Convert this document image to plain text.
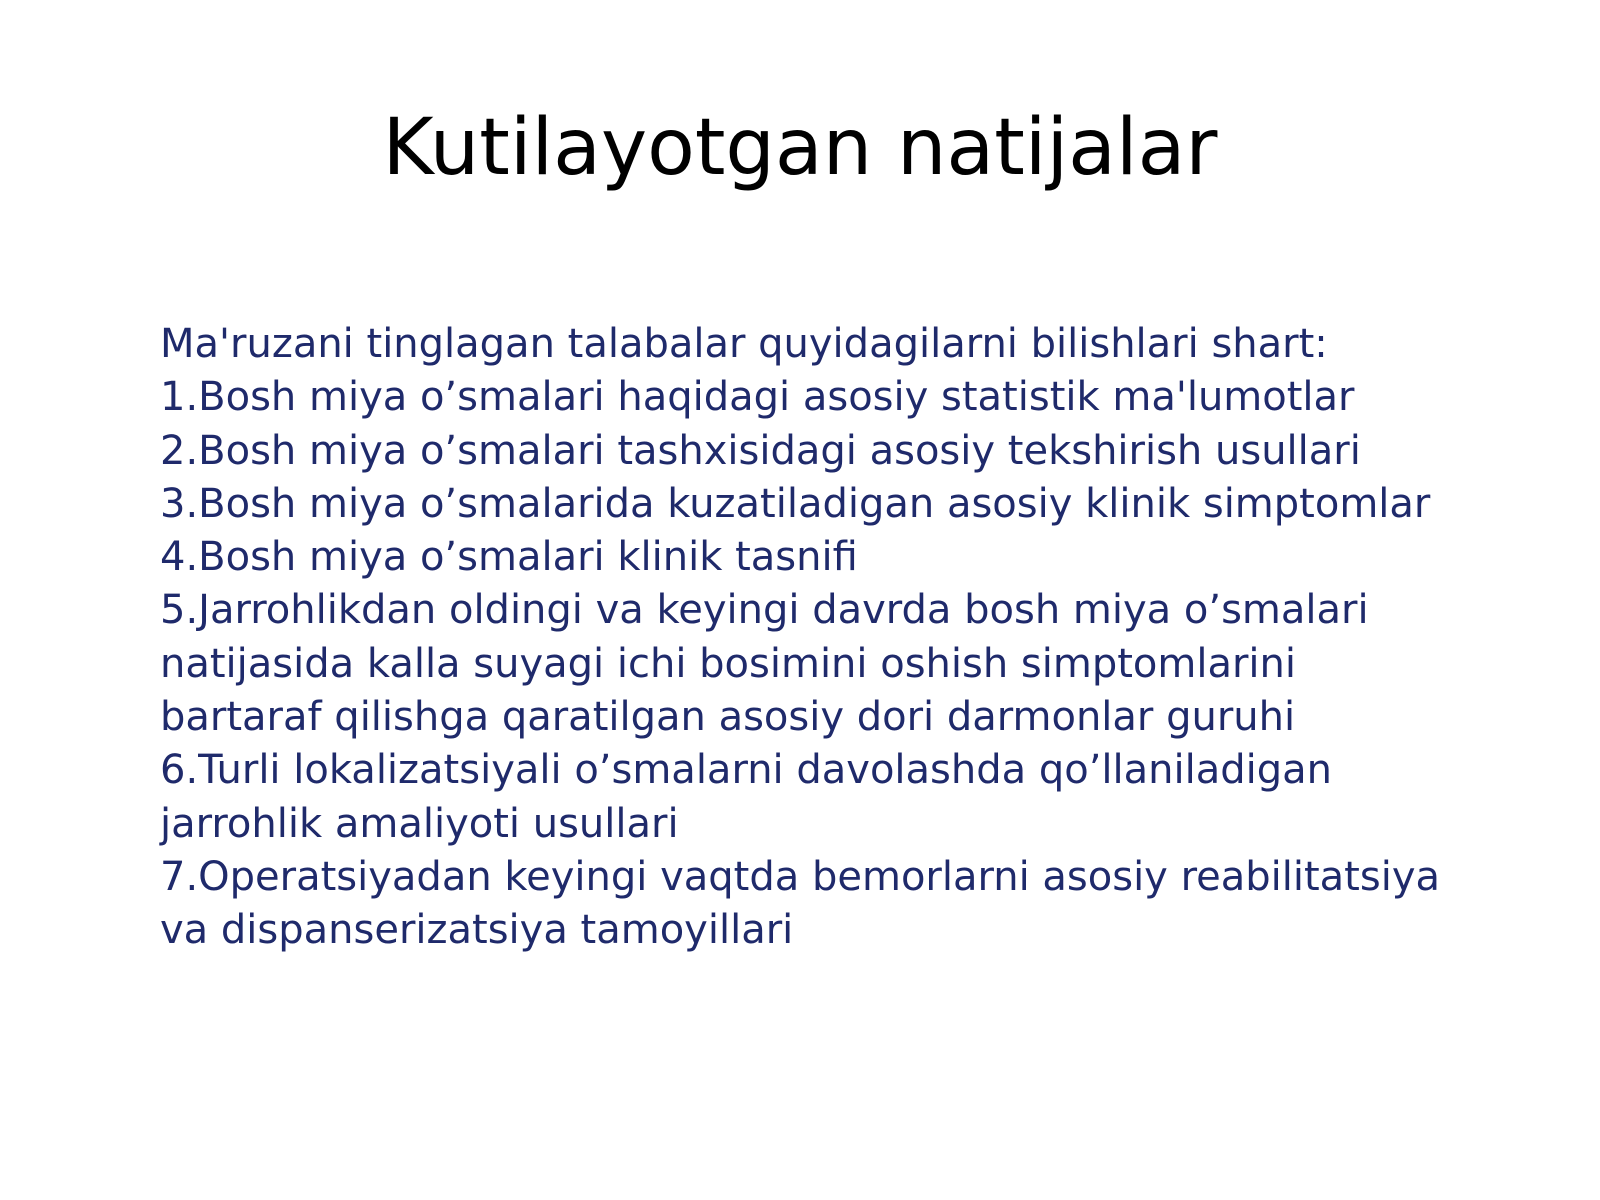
Kutilayotgan natijalar

Ma'ruzani tinglagan talabalar quyidagilarni bilishlari shart:

1.Bosh miya o’smalari haqidagi asosiy statistik ma'lumotlar

2.Bosh miya o’smalari tashxisidagi asosiy tekshirish usullari

3.Bosh miya o’smalarida kuzatiladigan asosiy klinik simptomlar

4.Bosh miya o’smalari klinik tasnifi

5.Jarrohlikdan oldingi va keyingi davrda bosh miya o’smalari natijasida kalla suyagi ichi bosimini oshish simptomlarini bartaraf qilishga qaratilgan asosiy dori darmonlar guruhi

6.Turli lokalizatsiyali o’smalarni davolashda qo’llaniladigan jarrohlik amaliyoti usullari

7.Operatsiyadan keyingi vaqtda bemorlarni asosiy reabilitatsiya va dispanserizatsiya tamoyillari
